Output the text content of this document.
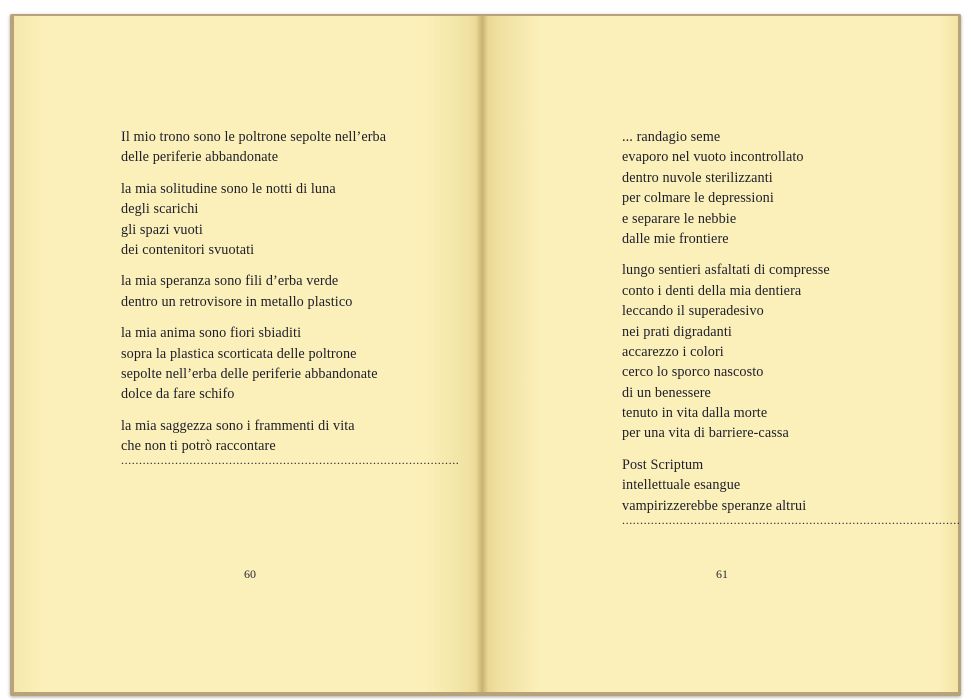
Il mio trono sono le poltrone sepolte nell’erba
delle periferie abbandonate
la mia solitudine sono le notti di luna
degli scarichi
gli spazi vuoti
dei contenitori svuotati
la mia speranza sono fili d’erba verde
dentro un retrovisore in metallo plastico
la mia anima sono fiori sbiaditi
sopra la plastica scorticata delle poltrone
sepolte nell’erba delle periferie abbandonate
dolce da fare schifo
la mia saggezza sono i frammenti di vita
che non ti potrò raccontare
..............................................................................................
60
... randagio seme
evaporo nel vuoto incontrollato
dentro nuvole sterilizzanti
per colmare le depressioni
e separare le nebbie
dalle mie frontiere
lungo sentieri asfaltati di compresse
conto i denti della mia dentiera
leccando il superadesivo
nei prati digradanti
accarezzo i colori
cerco lo sporco nascosto
di un benessere
tenuto in vita dalla morte
per una vita di barriere-cassa
Post Scriptum
intellettuale esangue
vampirizzerebbe speranze altrui
..............................................................................................
61
